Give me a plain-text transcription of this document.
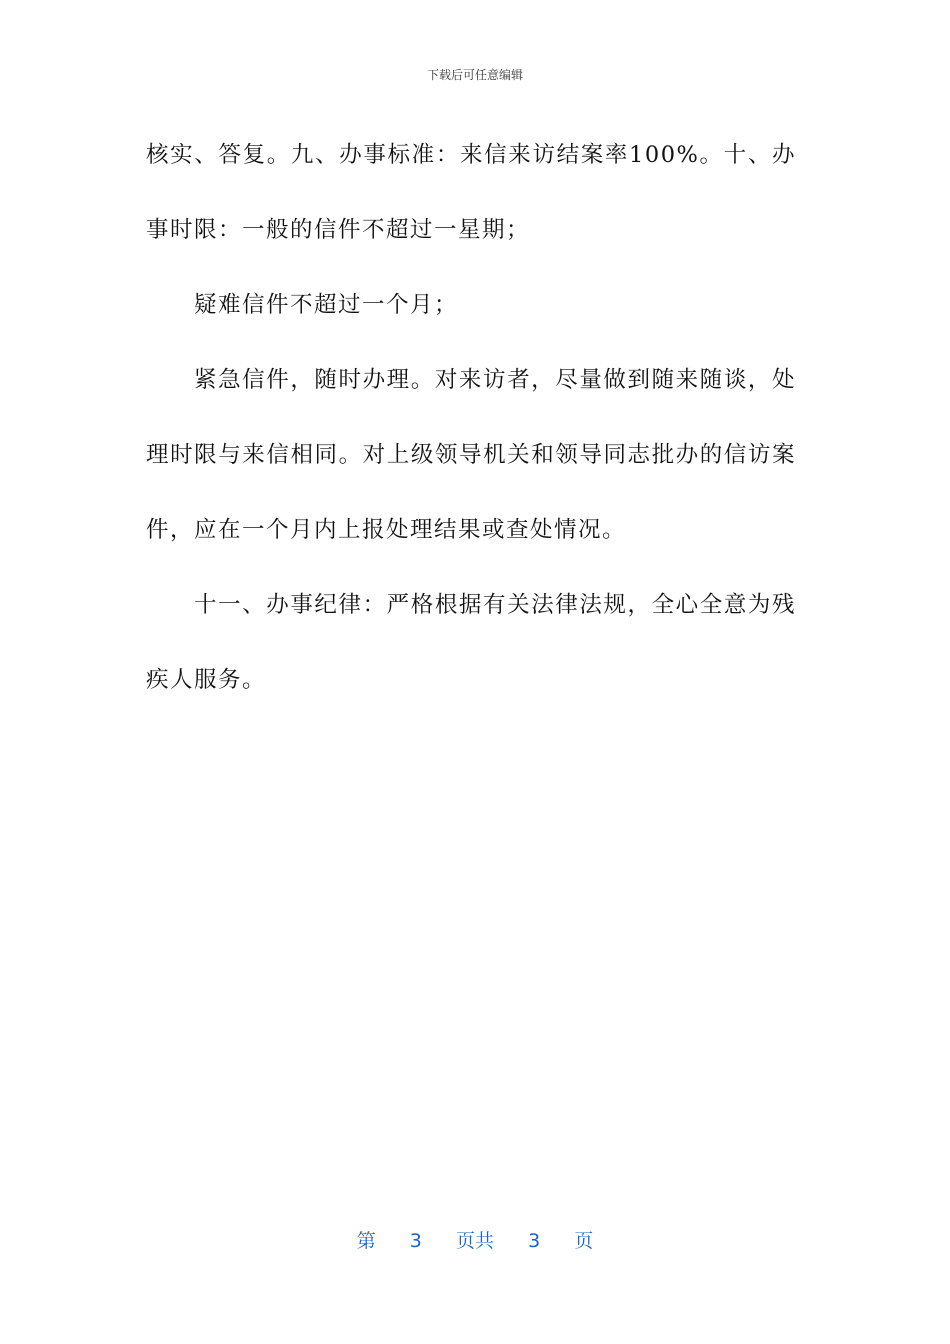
下载后可任意编辑

核实、答复。九、办事标准：来信来访结案率100%。十、办事时限：一般的信件不超过一星期；

疑难信件不超过一个月；

紧急信件，随时办理。对来访者，尽量做到随来随谈，处理时限与来信相同。对上级领导机关和领导同志批办的信访案件，应在一个月内上报处理结果或查处情况。

十一、办事纪律：严格根据有关法律法规，全心全意为残疾人服务。

第 3 页共 3 页
